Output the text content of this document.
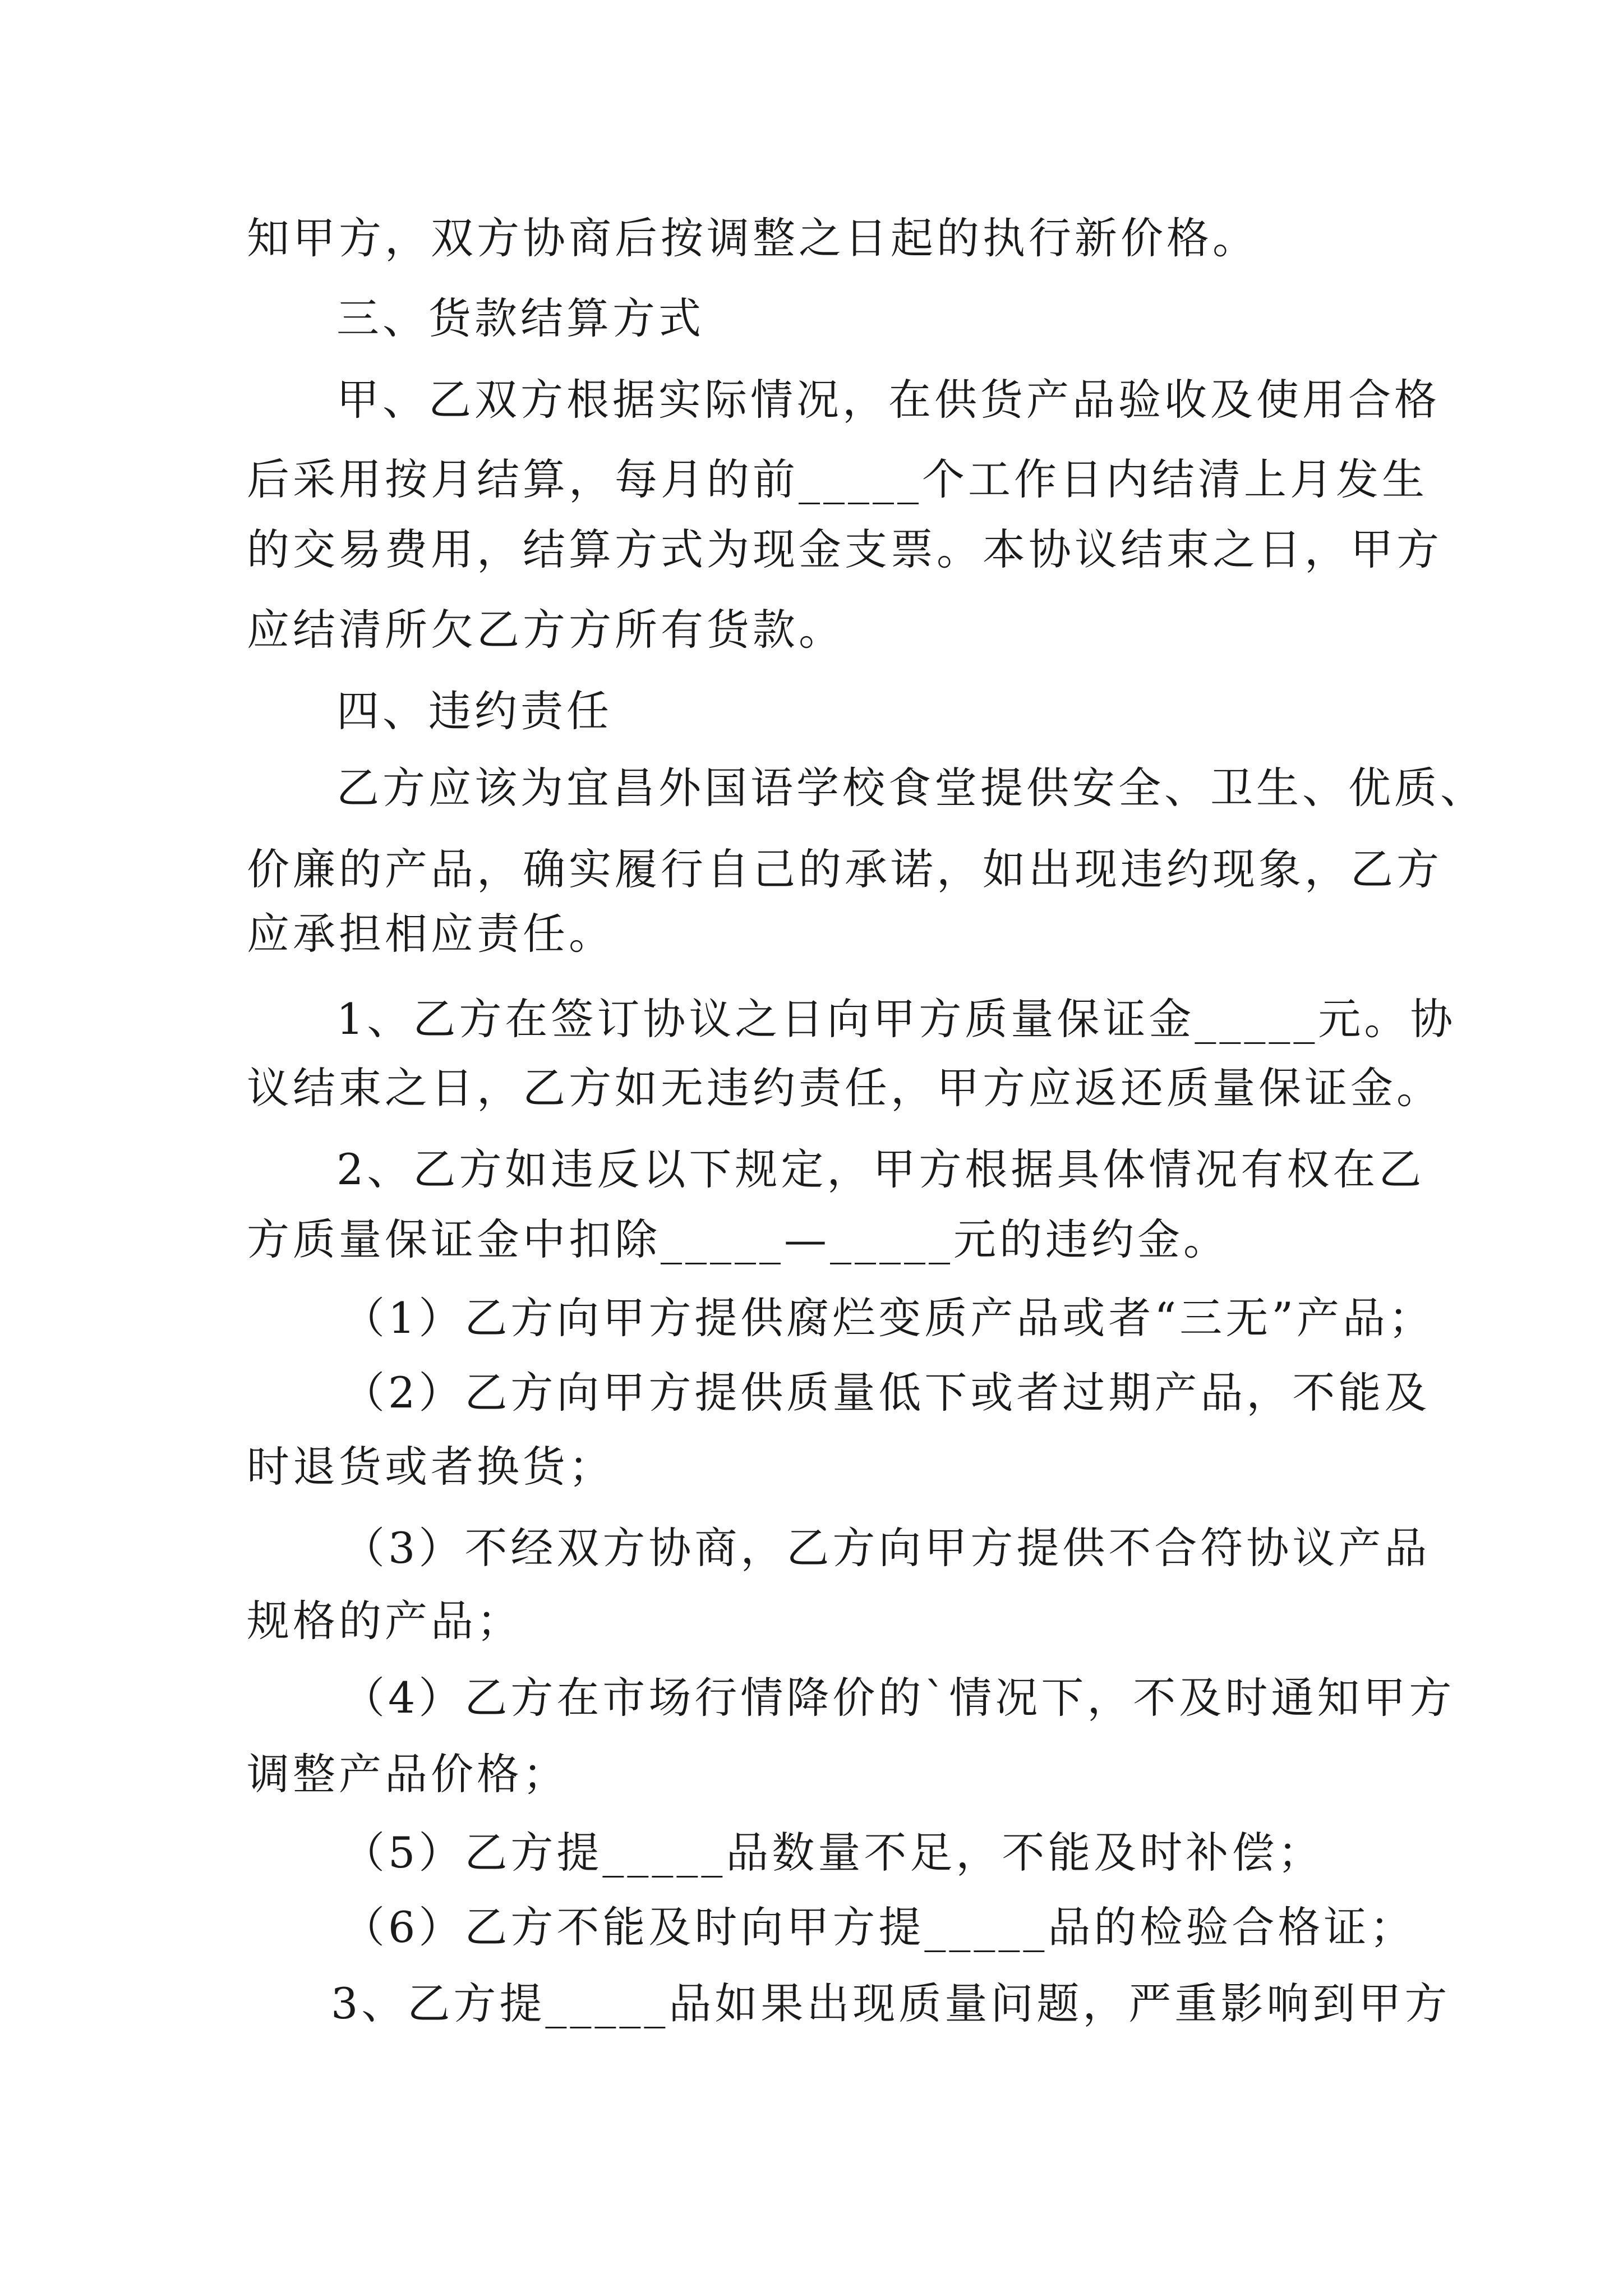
知甲方，双方协商后按调整之日起的执行新价格。
三、货款结算方式
甲、乙双方根据实际情况，在供货产品验收及使用合格
后采用按月结算，每月的前_____个工作日内结清上月发生
的交易费用，结算方式为现金支票。本协议结束之日，甲方
应结清所欠乙方方所有货款。
四、违约责任
乙方应该为宜昌外国语学校食堂提供安全、卫生、优质、
价廉的产品，确实履行自己的承诺，如出现违约现象，乙方
应承担相应责任。
1、乙方在签订协议之日向甲方质量保证金_____元。协
议结束之日，乙方如无违约责任，甲方应返还质量保证金。
2、乙方如违反以下规定，甲方根据具体情况有权在乙
方质量保证金中扣除_____—_____元的违约金。
（1）乙方向甲方提供腐烂变质产品或者“三无”产品；
（2）乙方向甲方提供质量低下或者过期产品，不能及
时退货或者换货；
（3）不经双方协商，乙方向甲方提供不合符协议产品
规格的产品；
（4）乙方在市场行情降价的`情况下，不及时通知甲方
调整产品价格；
（5）乙方提_____品数量不足，不能及时补偿；
（6）乙方不能及时向甲方提_____品的检验合格证；
3、乙方提_____品如果出现质量问题，严重影响到甲方
